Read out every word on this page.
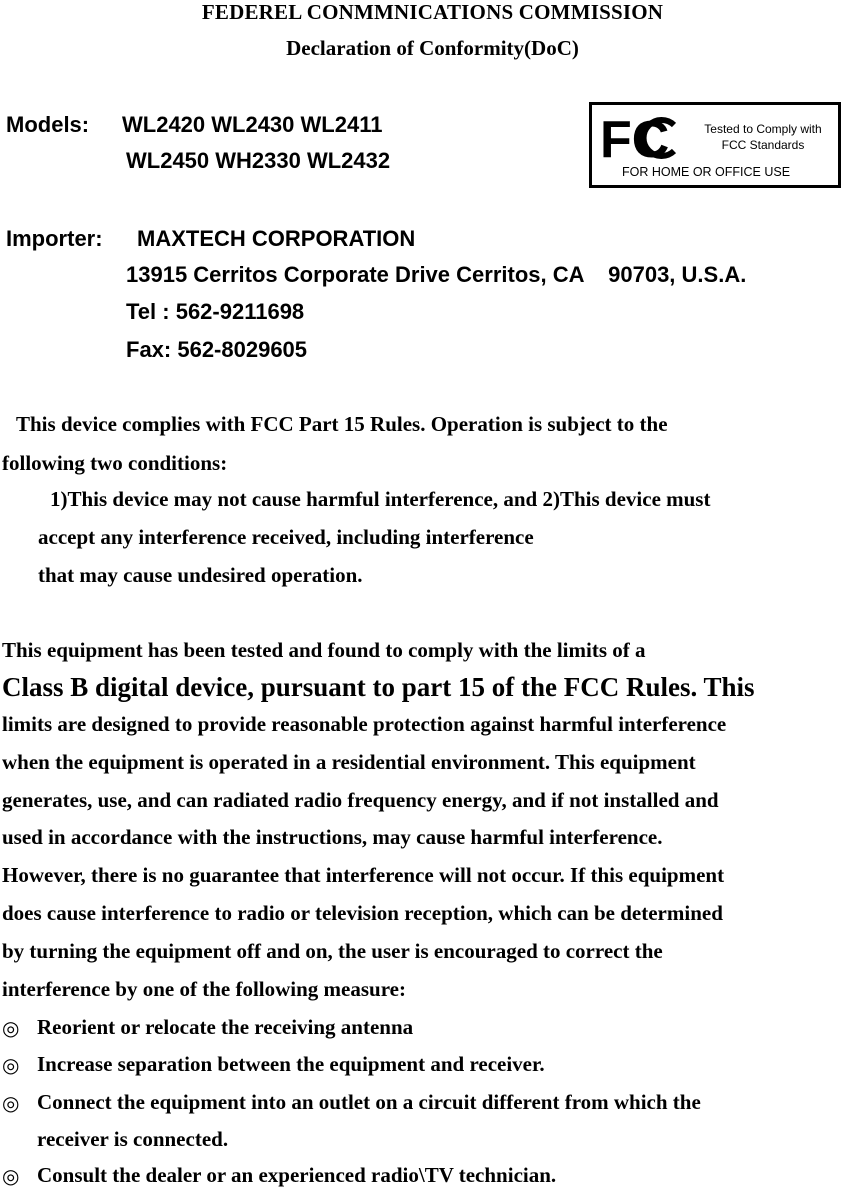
FEDEREL CONMMNICATIONS COMMISSION
Declaration of Conformity(DoC)
Models: WL2420 WL2430 WL2411
WL2450 WH2330 WL2432	FC	Tested to Comply with
FCC Standards
FOR HOME OR OFFICE USE
Importer: MAXTECH CORPORATION
13915 Cerritos Corporate Drive Cerritos, CA    90703, U.S.A.
Tel : 562-9211698
Fax: 562-8029605
This device complies with FCC Part 15 Rules. Operation is subject to the
following two conditions:
1)This device may not cause harmful interference, and 2)This device must
accept any interference received, including interference
that may cause undesired operation.
This equipment has been tested and found to comply with the limits of a
Class B digital device, pursuant to part 15 of the FCC Rules. This
limits are designed to provide reasonable protection against harmful interference
when the equipment is operated in a residential environment. This equipment
generates, use, and can radiated radio frequency energy, and if not installed and
used in accordance with the instructions, may cause harmful interference.
However, there is no guarantee that interference will not occur. If this equipment
does cause interference to radio or television reception, which can be determined
by turning the equipment off and on, the user is encouraged to correct the
interference by one of the following measure:
◎ Reorient or relocate the receiving antenna
◎ Increase separation between the equipment and receiver.
◎ Connect the equipment into an outlet on a circuit different from which the
receiver is connected.
◎ Consult the dealer or an experienced radio\TV technician.
